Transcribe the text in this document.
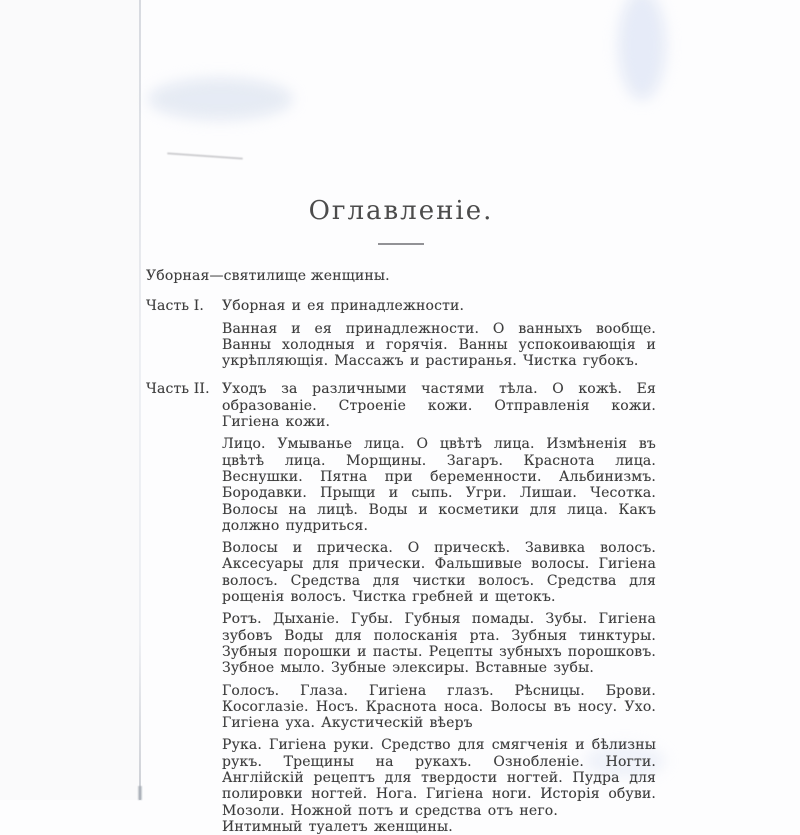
Оглавленіе.
Уборная—святилище женщины.
Часть I.	Уборная и ея принадлежности.
Ванная и ея принадлежности. О ванныхъ вообще. Ванны холодныя и горячія. Ванны успокоивающія и укрѣпляющія. Массажъ и растиранья. Чистка губокъ.
Часть II. Уходъ за различными частями тѣла. О кожѣ. Ея образованіе. Строеніе кожи. Отправленія кожи. Гигіена кожи.
Лицо. Умыванье лица. О цвѣтѣ лица. Измѣненія въ цвѣтѣ лица. Морщины. Загаръ. Краснота лица. Веснушки. Пятна при беременности. Альбинизмъ. Бородавки. Прыщи и сыпь. Угри. Лишаи. Чесотка. Волосы на лицѣ. Воды и косметики для лица. Какъ должно пудриться.
Волосы и прическа. О прическѣ. Завивка волосъ. Аксесуары для прически. Фальшивые волосы. Гигіена волосъ. Средства для чистки волосъ. Средства для рощенія волосъ. Чистка гребней и щетокъ.
Ротъ. Дыханіе. Губы. Губныя помады. Зубы. Гигіена зубовъ Воды для полосканія рта. Зубныя тинктуры. Зубныя порошки и пасты. Рецепты зубныхъ порошковъ. Зубное мыло. Зубные элексиры. Вставные зубы.
Голосъ. Глаза. Гигіена глазъ. Рѣсницы. Брови. Косоглазіе. Носъ. Краснота носа. Волосы въ носу. Ухо. Гигіена уха. Акустическій вѣеръ
Рука. Гигіена руки. Средство для смягченія и бѣлизны рукъ. Трещины на рукахъ. Ознобленіе. Ногти. Англійскій рецептъ для твердости ногтей. Пудра для полировки ногтей. Нога. Гигіена ноги. Исторія обуви. Мозоли. Ножной потъ и средства отъ него.
Интимный туалетъ женщины.
